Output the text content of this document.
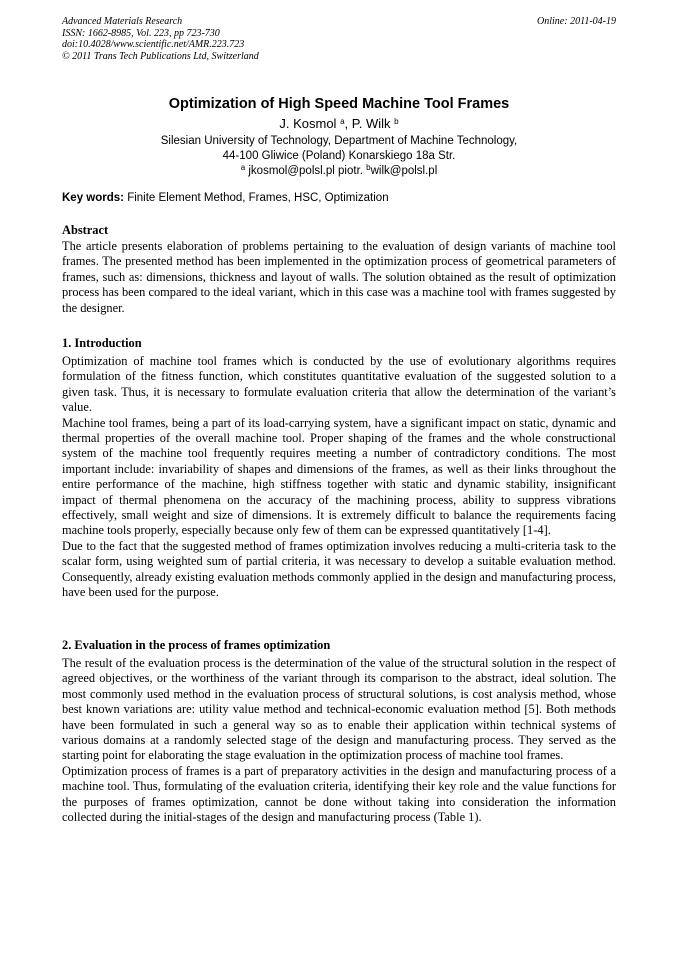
Advanced Materials Research
ISSN: 1662-8985, Vol. 223, pp 723-730
doi:10.4028/www.scientific.net/AMR.223.723
© 2011 Trans Tech Publications Ltd, Switzerland
Online: 2011-04-19
Optimization of High Speed Machine Tool Frames
J. Kosmol $^a$, P. Wilk $^b$
Silesian University of Technology, Department of Machine Technology,
44-100 Gliwice (Poland) Konarskiego 18a Str.
$^a$ jkosmol@polsl.pl piotr. $^b$wilk@polsl.pl
Key words: Finite Element Method, Frames, HSC, Optimization
Abstract

The article presents elaboration of problems pertaining to the evaluation of design variants of machine tool frames. The presented method has been implemented in the optimization process of geometrical parameters of frames, such as: dimensions, thickness and layout of walls. The solution obtained as the result of optimization process has been compared to the ideal variant, which in this case was a machine tool with frames suggested by the designer.

1. Introduction

Optimization of machine tool frames which is conducted by the use of evolutionary algorithms requires formulation of the fitness function, which constitutes quantitative evaluation of the suggested solution to a given task. Thus, it is necessary to formulate evaluation criteria that allow the determination of the variant’s value.

Machine tool frames, being a part of its load-carrying system, have a significant impact on static, dynamic and thermal properties of the overall machine tool. Proper shaping of the frames and the whole constructional system of the machine tool frequently requires meeting a number of contradictory conditions. The most important include: invariability of shapes and dimensions of the frames, as well as their links throughout the entire performance of the machine, high stiffness together with static and dynamic stability, insignificant impact of thermal phenomena on the accuracy of the machining process, ability to suppress vibrations effectively, small weight and size of dimensions. It is extremely difficult to balance the requirements facing machine tools properly, especially because only few of them can be expressed quantitatively [1-4].

Due to the fact that the suggested method of frames optimization involves reducing a multi-criteria task to the scalar form, using weighted sum of partial criteria, it was necessary to develop a suitable evaluation method. Consequently, already existing evaluation methods commonly applied in the design and manufacturing process, have been used for the purpose.

2. Evaluation in the process of frames optimization

The result of the evaluation process is the determination of the value of the structural solution in the respect of agreed objectives, or the worthiness of the variant through its comparison to the abstract, ideal solution. The most commonly used method in the evaluation process of structural solutions, is cost analysis method, whose best known variations are: utility value method and technical-economic evaluation method [5]. Both methods have been formulated in such a general way so as to enable their application within technical systems of various domains at a randomly selected stage of the design and manufacturing process. They served as the starting point for elaborating the stage evaluation in the optimization process of machine tool frames.

Optimization process of frames is a part of preparatory activities in the design and manufacturing process of a machine tool. Thus, formulating of the evaluation criteria, identifying their key role and the value functions for the purposes of frames optimization, cannot be done without taking into consideration the information collected during the initial-stages of the design and manufacturing process (Table 1).
